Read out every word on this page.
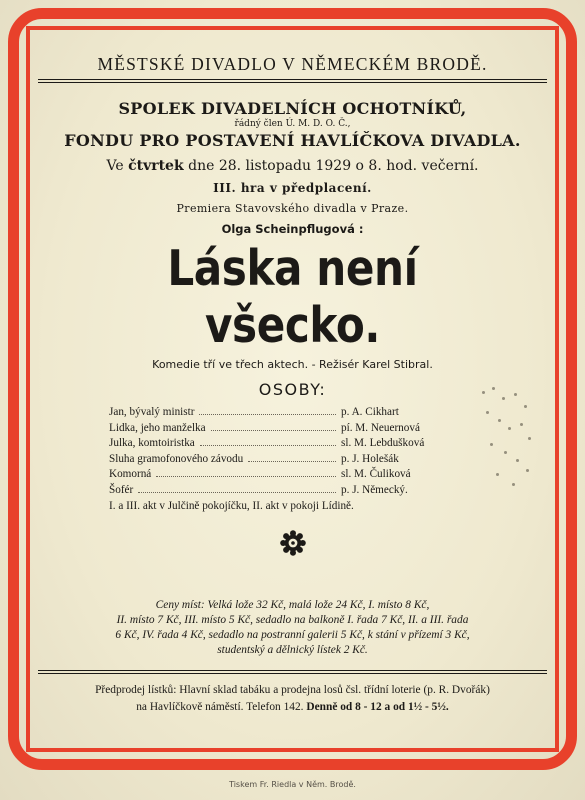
MĚSTSKÉ DIVADLO V NĚMECKÉM BRODĚ.
SPOLEK DIVADELNÍCH OCHOTNÍKŮ,
řádný člen Ú. M. D. O. Č.,
FONDU PRO POSTAVENÍ HAVLÍČKOVA DIVADLA.
Ve čtvrtek dne 28. listopadu 1929 o 8. hod. večerní.
III. hra v předplacení.
Premiera Stavovského divadla v Praze.
Olga Scheinpflugová :
Láska není všecko.
Komedie tří ve třech aktech. - Režisér Karel Stibral.
OSOBY:
Jan, bývalý ministr	p. A. Cikhart
Lidka, jeho manželka	pí. M. Neuernová
Julka, komtoiristka	sl. M. Lebdušková
Sluha gramofonového závodu	p. J. Holešák
Komorná	sl. M. Čuliková
Šofér	p. J. Německý.
I. a III. akt v Julčině pokojíčku, II. akt v pokoji Lídině.
Ceny míst: Velká lože 32 Kč, malá lože 24 Kč, I. místo 8 Kč,
II. místo 7 Kč, III. místo 5 Kč, sedadlo na balkoně I. řada 7 Kč, II. a III. řada
6 Kč, IV. řada 4 Kč, sedadlo na postranní galerii 5 Kč, k stání v přízemí 3 Kč,
studentský a dělnický lístek 2 Kč.
Předprodej lístků: Hlavní sklad tabáku a prodejna losů čsl. třídní loterie (p. R. Dvořák)
na Havlíčkově náměstí. Telefon 142. Denně od 8 - 12 a od 1½ - 5½.
Tiskem Fr. Riedla v Něm. Brodě.
